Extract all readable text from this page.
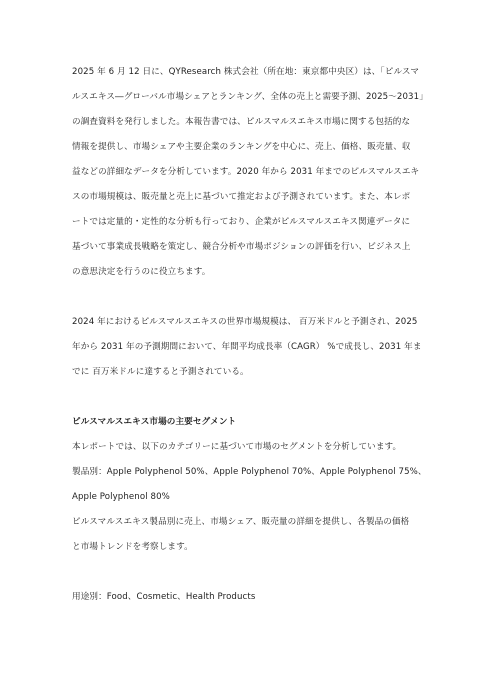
2025 年 6 月 12 日に、QYResearch 株式会社（所在地：東京都中央区）は、「ピルスマ
ルスエキス―グローバル市場シェアとランキング、全体の売上と需要予測、2025～2031」
の調査資料を発行しました。本報告書では、ピルスマルスエキス市場に関する包括的な
情報を提供し、市場シェアや主要企業のランキングを中心に、売上、価格、販売量、収
益などの詳細なデータを分析しています。2020 年から 2031 年までのピルスマルスエキ
スの市場規模は、販売量と売上に基づいて推定および予測されています。また、本レポ
ートでは定量的・定性的な分析も行っており、企業がピルスマルスエキス関連データに
基づいて事業成長戦略を策定し、競合分析や市場ポジションの評価を行い、ビジネス上
の意思決定を行うのに役立ちます。
2024 年におけるピルスマルスエキスの世界市場規模は、 百万米ドルと予測され、2025
年から 2031 年の予測期間において、年間平均成長率（CAGR） %で成長し、2031 年ま
でに 百万米ドルに達すると予測されている。
ピルスマルスエキス市場の主要セグメント
本レポートでは、以下のカテゴリーに基づいて市場のセグメントを分析しています。
製品別：Apple Polyphenol 50%、Apple Polyphenol 70%、Apple Polyphenol 75%、
Apple Polyphenol 80%
ピルスマルスエキス製品別に売上、市場シェア、販売量の詳細を提供し、各製品の価格
と市場トレンドを考察します。
用途別：Food、Cosmetic、Health Products
